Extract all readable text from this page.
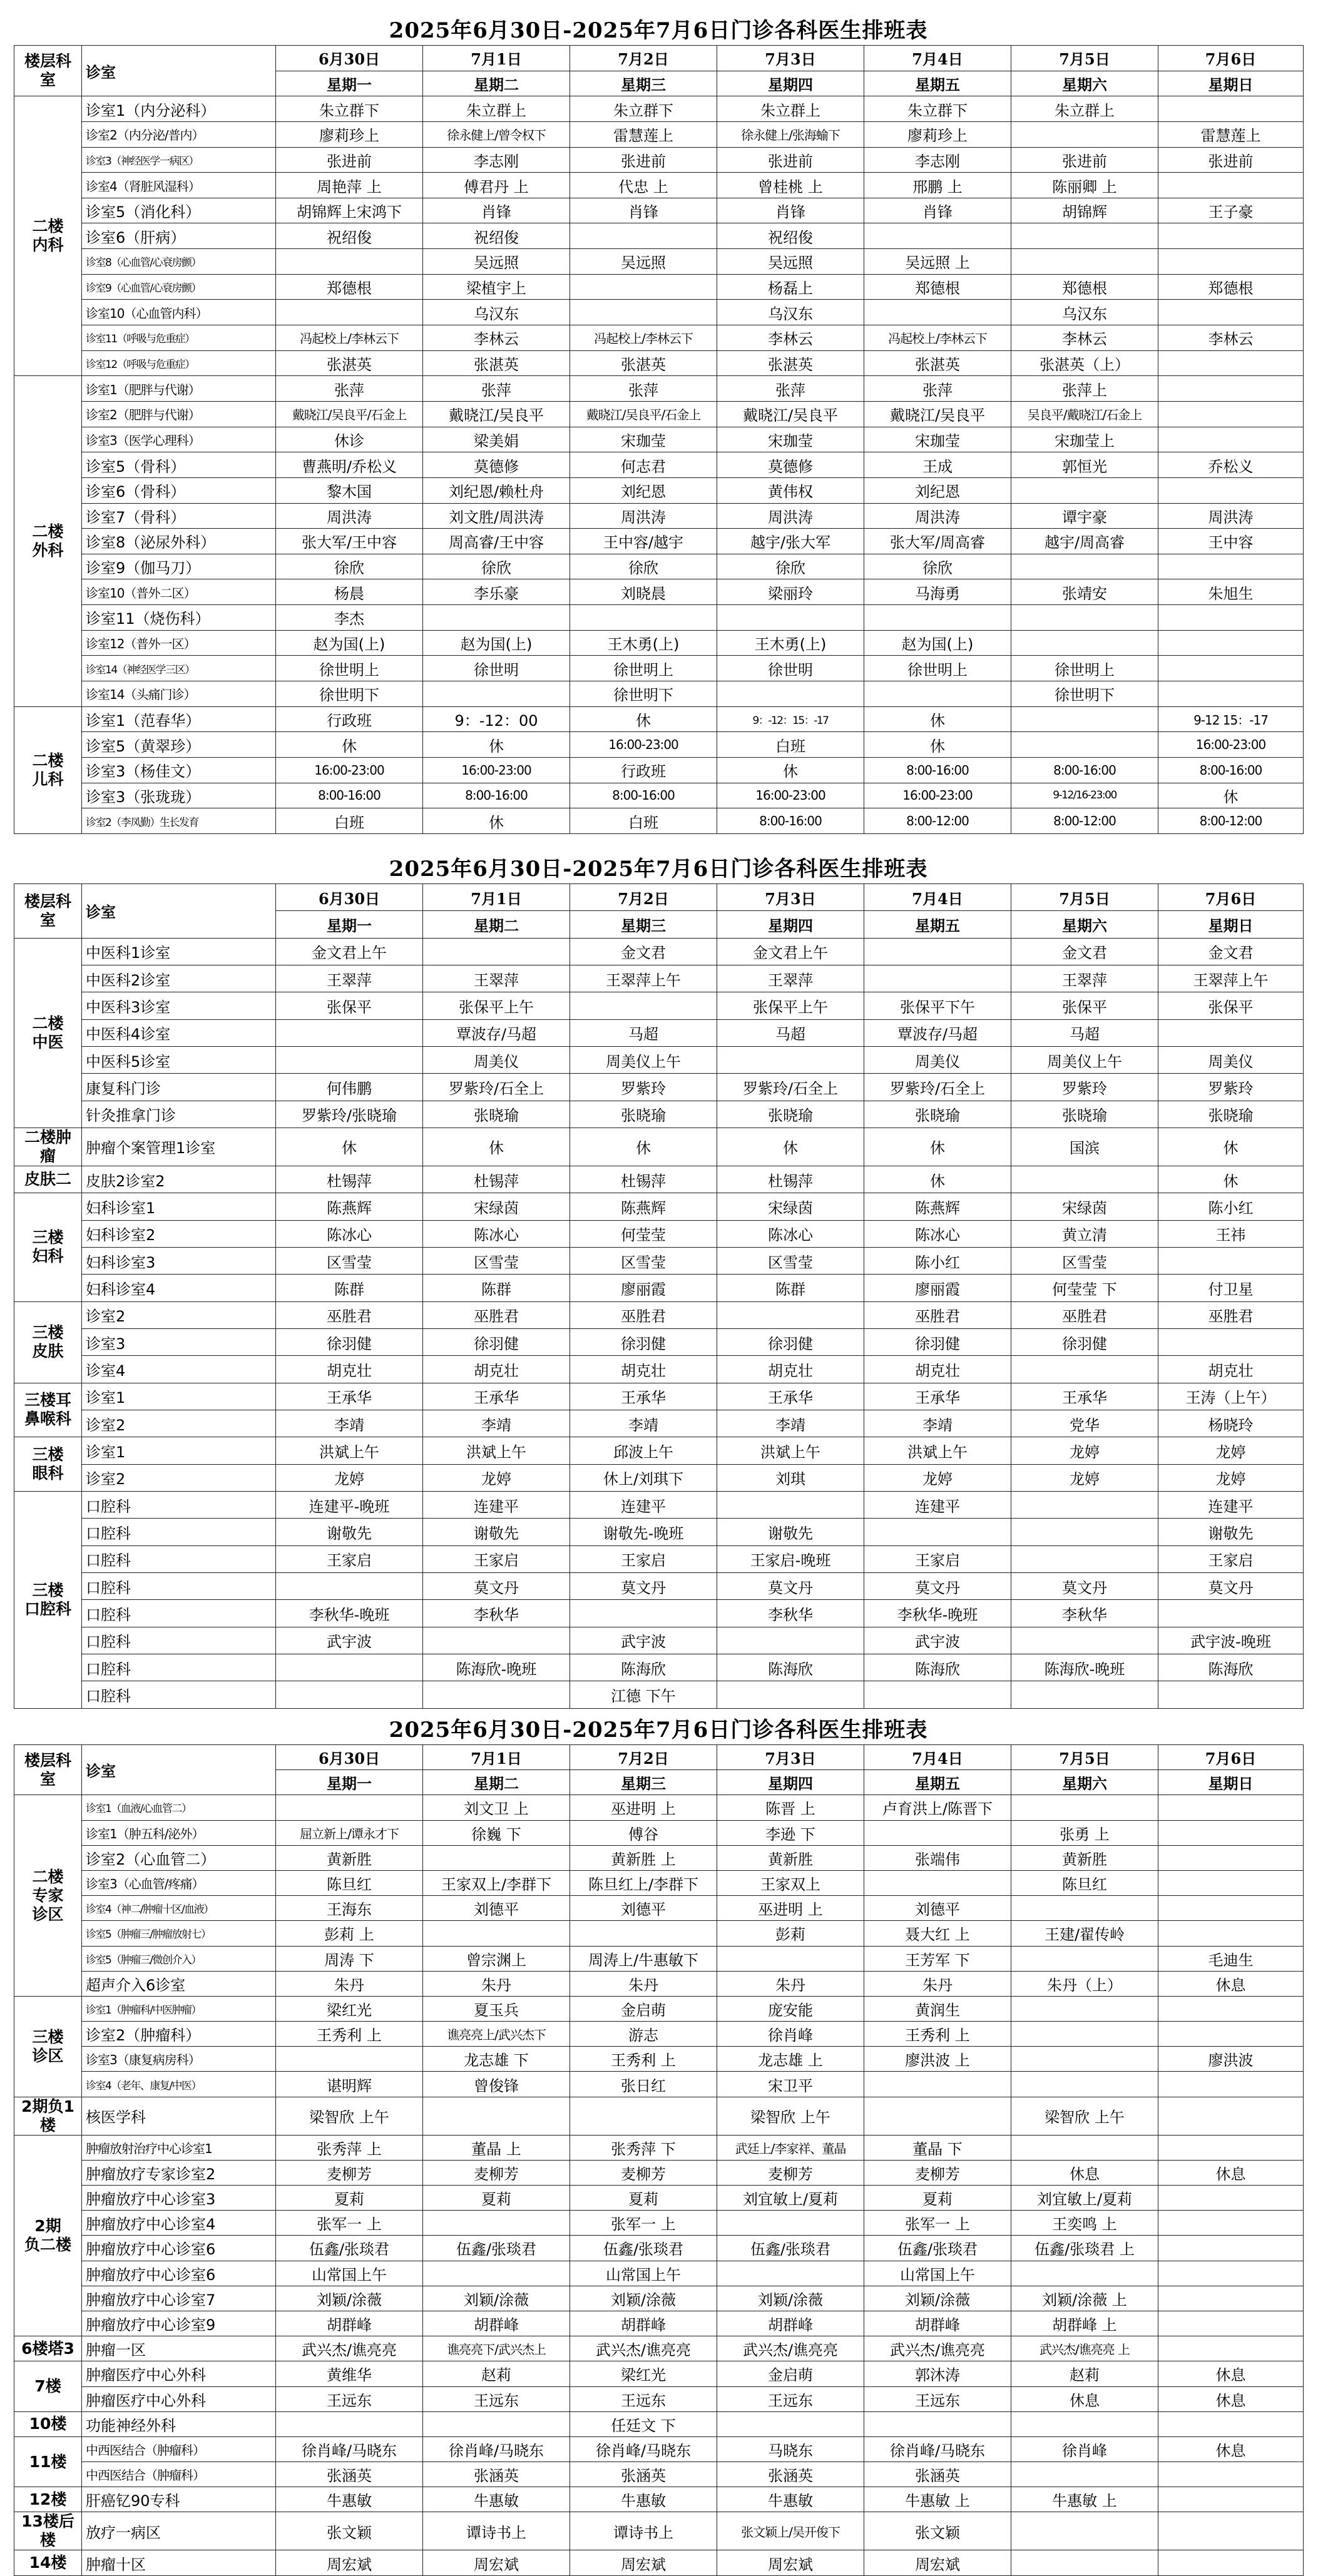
2025年6月30日-2025年7月6日门诊各科医生排班表
楼层科室	诊室	6月30日	7月1日	7月2日	7月3日	7月4日	7月5日	7月6日
		星期一	星期二	星期三	星期四	星期五	星期六	星期日
二楼
内科	诊室1（内分泌科）	朱立群下	朱立群上	朱立群下	朱立群上	朱立群下	朱立群上	
	诊室2（内分泌/普内）	廖莉珍上	徐永健上/曾令权下	雷慧莲上	徐永健上/张海蝓下	廖莉珍上		雷慧莲上
	诊室3（神经医学一病区）	张进前	李志刚	张进前	张进前	李志刚	张进前	张进前
	诊室4（肾脏风湿科）	周艳萍 上	傅君丹 上	代忠 上	曾桂桃 上	邢鹏 上	陈丽卿 上	
	诊室5（消化科）	胡锦辉上宋鸿下	肖锋	肖锋	肖锋	肖锋	胡锦辉	王子豪
	诊室6（肝病）	祝绍俊	祝绍俊		祝绍俊			
	诊室8（心血管/心衰房颤）		吴远照	吴远照	吴远照	吴远照 上		
	诊室9（心血管/心衰房颤）	郑德根	梁植宇上		杨磊上	郑德根	郑德根	郑德根
	诊室10（心血管内科）		乌汉东		乌汉东		乌汉东	
	诊室11（呼吸与危重症）	冯起校上/李林云下	李林云	冯起校上/李林云下	李林云	冯起校上/李林云下	李林云	李林云
	诊室12（呼吸与危重症）	张湛英	张湛英	张湛英	张湛英	张湛英	张湛英（上）	
二楼
外科	诊室1（肥胖与代谢）	张萍	张萍	张萍	张萍	张萍	张萍上	
	诊室2（肥胖与代谢）	戴晓江/吴良平/石金上	戴晓江/吴良平	戴晓江/吴良平/石金上	戴晓江/吴良平	戴晓江/吴良平	吴良平/戴晓江/石金上	
	诊室3（医学心理科）	休诊	梁美娟	宋珈莹	宋珈莹	宋珈莹	宋珈莹上	
	诊室5（骨科）	曹燕明/乔松义	莫德修	何志君	莫德修	王成	郭恒光	乔松义
	诊室6（骨科）	黎木国	刘纪恩/赖杜舟	刘纪恩	黄伟权	刘纪恩		
	诊室7（骨科）	周洪涛	刘文胜/周洪涛	周洪涛	周洪涛	周洪涛	谭宇豪	周洪涛
	诊室8（泌尿外科）	张大军/王中容	周高睿/王中容	王中容/越宇	越宇/张大军	张大军/周高睿	越宇/周高睿	王中容
	诊室9（伽马刀）	徐欣	徐欣	徐欣	徐欣	徐欣		
	诊室10（普外二区）	杨晨	李乐豪	刘晓晨	梁丽玲	马海勇	张靖安	朱旭生
	诊室11（烧伤科）	李杰						
	诊室12（普外一区）	赵为国(上)	赵为国(上)	王木勇(上)	王木勇(上)	赵为国(上)		
	诊室14（神经医学三区）	徐世明上	徐世明	徐世明上	徐世明	徐世明上	徐世明上	
	诊室14（头痛门诊）	徐世明下		徐世明下			徐世明下	
二楼
儿科	诊室1（范春华）	行政班	9：-12：00	休	9：-12：15：-17	休		9-12 15：-17
	诊室5（黄翠珍）	休	休	16:00-23:00	白班	休		16:00-23:00
	诊室3（杨佳文）	16:00-23:00	16:00-23:00	行政班	休	8:00-16:00	8:00-16:00	8:00-16:00
	诊室3（张珑珑）	8:00-16:00	8:00-16:00	8:00-16:00	16:00-23:00	16:00-23:00	9-12/16-23:00	休
	诊室2（李凤勤）生长发育	白班	休	白班	8:00-16:00	8:00-12:00	8:00-12:00	8:00-12:00
2025年6月30日-2025年7月6日门诊各科医生排班表
楼层科室	诊室	6月30日	7月1日	7月2日	7月3日	7月4日	7月5日	7月6日
		星期一	星期二	星期三	星期四	星期五	星期六	星期日
二楼
中医	中医科1诊室	金文君上午		金文君	金文君上午		金文君	金文君
	中医科2诊室	王翠萍	王翠萍	王翠萍上午	王翠萍		王翠萍	王翠萍上午
	中医科3诊室	张保平	张保平上午		张保平上午	张保平下午	张保平	张保平
	中医科4诊室		覃波存/马超	马超	马超	覃波存/马超	马超	
	中医科5诊室		周美仪	周美仪上午		周美仪	周美仪上午	周美仪
	康复科门诊	何伟鹏	罗紫玲/石全上	罗紫玲	罗紫玲/石全上	罗紫玲/石全上	罗紫玲	罗紫玲
	针灸推拿门诊	罗紫玲/张晓瑜	张晓瑜	张晓瑜	张晓瑜	张晓瑜	张晓瑜	张晓瑜
二楼肿瘤	肿瘤个案管理1诊室	休	休	休	休	休	国滨	休
皮肤二	皮肤2诊室2	杜锡萍	杜锡萍	杜锡萍	杜锡萍	休		休
三楼
妇科	妇科诊室1	陈燕辉	宋绿茵	陈燕辉	宋绿茵	陈燕辉	宋绿茵	陈小红
	妇科诊室2	陈冰心	陈冰心	何莹莹	陈冰心	陈冰心	黄立清	王祎
	妇科诊室3	区雪莹	区雪莹	区雪莹	区雪莹	陈小红	区雪莹	
	妇科诊室4	陈群	陈群	廖丽霞	陈群	廖丽霞	何莹莹 下	付卫星
三楼
皮肤	诊室2	巫胜君	巫胜君	巫胜君		巫胜君	巫胜君	巫胜君
	诊室3	徐羽健	徐羽健	徐羽健	徐羽健	徐羽健	徐羽健	
	诊室4	胡克壮	胡克壮	胡克壮	胡克壮	胡克壮		胡克壮
三楼耳
鼻喉科	诊室1	王承华	王承华	王承华	王承华	王承华	王承华	王涛（上午）
	诊室2	李靖	李靖	李靖	李靖	李靖	党华	杨晓玲
三楼
眼科	诊室1	洪斌上午	洪斌上午	邱波上午	洪斌上午	洪斌上午	龙婷	龙婷
	诊室2	龙婷	龙婷	休上/刘琪下	刘琪	龙婷	龙婷	龙婷
三楼
口腔科	口腔科	连建平-晚班	连建平	连建平		连建平		连建平
	口腔科	谢敬先	谢敬先	谢敬先-晚班	谢敬先			谢敬先
	口腔科	王家启	王家启	王家启	王家启-晚班	王家启		王家启
	口腔科		莫文丹	莫文丹	莫文丹	莫文丹	莫文丹	莫文丹
	口腔科	李秋华-晚班	李秋华		李秋华	李秋华-晚班	李秋华	
	口腔科	武宇波		武宇波		武宇波		武宇波-晚班
	口腔科		陈海欣-晚班	陈海欣	陈海欣	陈海欣	陈海欣-晚班	陈海欣
	口腔科			江德 下午				
2025年6月30日-2025年7月6日门诊各科医生排班表
楼层科室	诊室	6月30日	7月1日	7月2日	7月3日	7月4日	7月5日	7月6日
		星期一	星期二	星期三	星期四	星期五	星期六	星期日
二楼
专家
诊区	诊室1（血液/心血管二）		刘文卫 上	巫进明 上	陈晋 上	卢育洪上/陈晋下		
	诊室1（肿五科/泌外）	屈立新上/谭永才下	徐巍 下	傅谷	李逊 下		张勇 上	
	诊室2（心血管二）	黄新胜		黄新胜 上	黄新胜	张端伟	黄新胜	
	诊室3（心血管/疼痛）	陈旦红	王家双上/李群下	陈旦红上/李群下	王家双上		陈旦红	
	诊室4（神二/肿瘤十区/血液）	王海东	刘德平	刘德平	巫进明 上	刘德平		
	诊室5（肿瘤三/肿瘤放射七）	彭莉 上			彭莉	聂大红 上	王建/翟传岭	
	诊室5（肿瘤三/微创介入）	周涛 下	曾宗渊上	周涛上/牛惠敏下		王芳军 下		毛迪生
	超声介入6诊室	朱丹	朱丹	朱丹	朱丹	朱丹	朱丹（上）	休息
三楼
诊区	诊室1（肿瘤科/中医肿瘤）	梁红光	夏玉兵	金启萌	庞安能	黄润生		
	诊室2（肿瘤科）	王秀利 上	谯亮亮上/武兴杰下	游志	徐肖峰	王秀利 上		
	诊室3（康复病房科）		龙志雄 下	王秀利 上	龙志雄 上	廖洪波 上		廖洪波
	诊室4（老年、康复/中医）	谌明辉	曾俊锋	张日红	宋卫平			
2期负1楼	核医学科	梁智欣 上午			梁智欣 上午		梁智欣 上午	
2期
负二楼	肿瘤放射治疗中心诊室1	张秀萍 上	董晶 上	张秀萍 下	武廷上/李家祥、董晶	董晶 下		
	肿瘤放疗专家诊室2	麦柳芳	麦柳芳	麦柳芳	麦柳芳	麦柳芳	休息	休息
	肿瘤放疗中心诊室3	夏莉	夏莉	夏莉	刘宜敏上/夏莉	夏莉	刘宜敏上/夏莉	
	肿瘤放疗中心诊室4	张军一 上		张军一 上		张军一 上	王奕鸣 上	
	肿瘤放疗中心诊室6	伍鑫/张琰君	伍鑫/张琰君	伍鑫/张琰君	伍鑫/张琰君	伍鑫/张琰君	伍鑫/张琰君 上	
	肿瘤放疗中心诊室6	山常国上午		山常国上午		山常国上午		
	肿瘤放疗中心诊室7	刘颖/涂薇	刘颖/涂薇	刘颖/涂薇	刘颖/涂薇	刘颖/涂薇	刘颖/涂薇 上	
	肿瘤放疗中心诊室9	胡群峰	胡群峰	胡群峰	胡群峰	胡群峰	胡群峰 上	
6楼塔3	肿瘤一区	武兴杰/谯亮亮	谯亮亮下/武兴杰上	武兴杰/谯亮亮	武兴杰/谯亮亮	武兴杰/谯亮亮	武兴杰/谯亮亮 上	
7楼	肿瘤医疗中心外科	黄维华	赵莉	梁红光	金启萌	郭沐涛	赵莉	休息
	肿瘤医疗中心外科	王远东	王远东	王远东	王远东	王远东	休息	休息
10楼	功能神经外科			任廷文 下				
11楼	中西医结合（肿瘤科）	徐肖峰/马晓东	徐肖峰/马晓东	徐肖峰/马晓东	马晓东	徐肖峰/马晓东	徐肖峰	休息
	中西医结合（肿瘤科）	张涵英	张涵英	张涵英	张涵英	张涵英		
12楼	肝癌钇90专科	牛惠敏	牛惠敏	牛惠敏	牛惠敏	牛惠敏 上	牛惠敏 上	
13楼后楼	放疗一病区	张文颖	谭诗书上	谭诗书上	张文颖上/吴开俊下	张文颖		
14楼	肿瘤十区	周宏斌	周宏斌	周宏斌	周宏斌	周宏斌		
